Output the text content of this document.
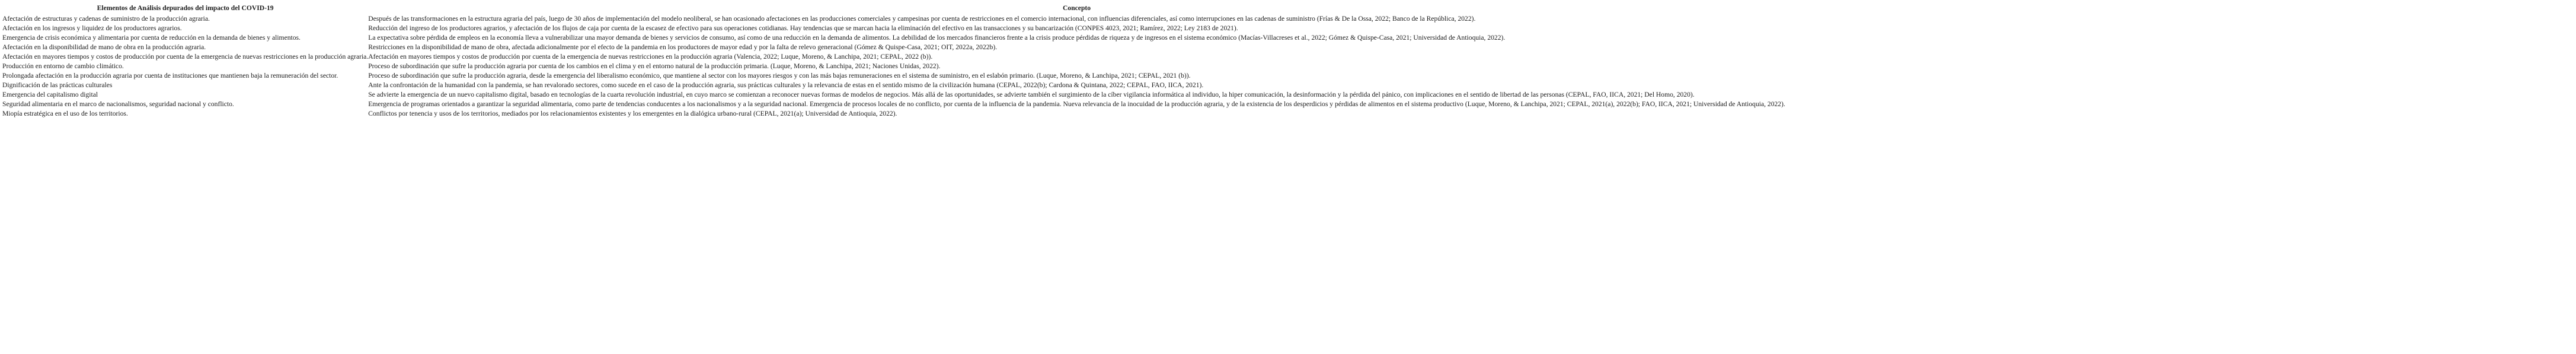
Elementos de Análisis depurados del impacto del COVID-19	Concepto
Afectación de estructuras y cadenas de suministro de la producción agraria.	Después de las transformaciones en la estructura agraria del país, luego de 30 años de implementación del modelo neoliberal, se han ocasionado afectaciones en las producciones comerciales y campesinas por cuenta de restricciones en el comercio internacional, con influencias diferenciales, así como interrupciones en las cadenas de suministro (Frías & De la Ossa, 2022; Banco de la República, 2022).
Afectación en los ingresos y liquidez de los productores agrarios.	Reducción del ingreso de los productores agrarios, y afectación de los flujos de caja por cuenta de la escasez de efectivo para sus operaciones cotidianas. Hay tendencias que se marcan hacia la eliminación del efectivo en las transacciones y su bancarización (CONPES 4023, 2021; Ramírez, 2022; Ley 2183 de 2021).
Emergencia de crisis económica y alimentaria por cuenta de reducción en la demanda de bienes y alimentos.	La expectativa sobre pérdida de empleos en la economía lleva a vulnerabilizar una mayor demanda de bienes y servicios de consumo, así como de una reducción en la demanda de alimentos. La debilidad de los mercados financieros frente a la crisis produce pérdidas de riqueza y de ingresos en el sistema económico (Macías-Villacreses et al., 2022; Gómez & Quispe-Casa, 2021; Universidad de Antioquia, 2022).
Afectación en la disponibilidad de mano de obra en la producción agraria.	Restricciones en la disponibilidad de mano de obra, afectada adicionalmente por el efecto de la pandemia en los productores de mayor edad y por la falta de relevo generacional (Gómez & Quispe-Casa, 2021; OIT, 2022a, 2022b).
Afectación en mayores tiempos y costos de producción por cuenta de la emergencia de nuevas restricciones en la producción agraria.	Afectación en mayores tiempos y costos de producción por cuenta de la emergencia de nuevas restricciones en la producción agraria (Valencia, 2022; Luque, Moreno, & Lanchipa, 2021; CEPAL, 2022 (b)).
Producción en entorno de cambio climático.	Proceso de subordinación que sufre la producción agraria por cuenta de los cambios en el clima y en el entorno natural de la producción primaria. (Luque, Moreno, & Lanchipa, 2021; Naciones Unidas, 2022).
Prolongada afectación en la producción agraria por cuenta de instituciones que mantienen baja la remuneración del sector.	Proceso de subordinación que sufre la producción agraria, desde la emergencia del liberalismo económico, que mantiene al sector con los mayores riesgos y con las más bajas remuneraciones en el sistema de suministro, en el eslabón primario. (Luque, Moreno, & Lanchipa, 2021; CEPAL, 2021 (b)).
Dignificación de las prácticas culturales	Ante la confrontación de la humanidad con la pandemia, se han revalorado sectores, como sucede en el caso de la producción agraria, sus prácticas culturales y la relevancia de estas en el sentido mismo de la civilización humana (CEPAL, 2022(b); Cardona & Quintana, 2022; CEPAL, FAO, IICA, 2021).
Emergencia del capitalismo digital	Se advierte la emergencia de un nuevo capitalismo digital, basado en tecnologías de la cuarta revolución industrial, en cuyo marco se comienzan a reconocer nuevas formas de modelos de negocios. Más allá de las oportunidades, se advierte también el surgimiento de la cíber vigilancia informática al individuo, la hiper comunicación, la desinformación y la pérdida del pánico, con implicaciones en el sentido de libertad de las personas (CEPAL, FAO, IICA, 2021; Del Homo, 2020).
Seguridad alimentaria en el marco de nacionalismos, seguridad nacional y conflicto.	Emergencia de programas orientados a garantizar la seguridad alimentaria, como parte de tendencias conducentes a los nacionalismos y a la seguridad nacional. Emergencia de procesos locales de no conflicto, por cuenta de la influencia de la pandemia. Nueva relevancia de la inocuidad de la producción agraria, y de la existencia de los desperdicios y pérdidas de alimentos en el sistema productivo (Luque, Moreno, & Lanchipa, 2021; CEPAL, 2021(a), 2022(b); FAO, IICA, 2021; Universidad de Antioquia, 2022).
Miopía estratégica en el uso de los territorios.	Conflictos por tenencia y usos de los territorios, mediados por los relacionamientos existentes y los emergentes en la dialógica urbano-rural (CEPAL, 2021(a); Universidad de Antioquia, 2022).
